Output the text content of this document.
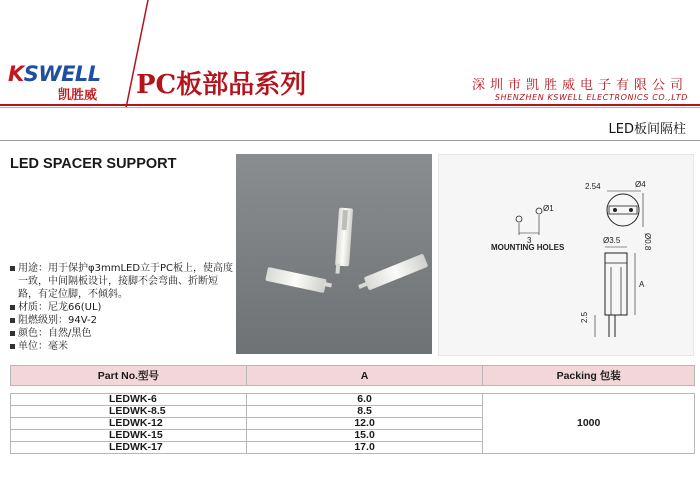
KSWELL
凯胜威 PC板部品系列	深圳市凯胜威电子有限公司
SHENZHEN KSWELL ELECTRONICS CO.,LTD
LED板间隔柱
LED SPACER SUPPORT
2.54	Ø4
Ø0.8
Ø1
3
MOUNTING HOLES
Ø3.5
A
2.5
用途：用于保护φ3mmLED立于PC板上，使高度一致，中间隔板设计，接脚不会弯曲、折断短路，有定位脚，不倾斜。
材质：尼龙66(UL)
阻燃级别：94V-2
颜色：自然/黑色
单位：毫米
Part No.型号	A	Packing 包装

LEDWK-6	6.0	1000
LEDWK-8.5	8.5	
LEDWK-12	12.0	
LEDWK-15	15.0	
LEDWK-17	17.0	
